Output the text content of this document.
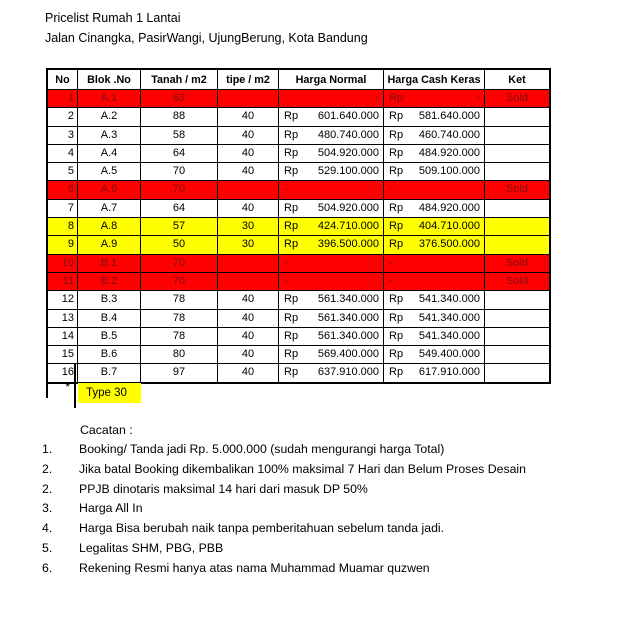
Pricelist Rumah 1 Lantai
Jalan Cinangka, PasirWangi, UjungBerung, Kota Bandung
No	Blok .No	Tanah / m2	tipe / m2	Harga Normal	Harga Cash Keras	Ket
1	A.1	63		-	Rp -	Sold
2	A.2	88	40	Rp 601.640.000	Rp 581.640.000	

3	A.3	58	40	Rp 480.740.000	Rp 460.740.000	

4	A.4	64	40	Rp 504.920.000	Rp 484.920.000	

5	A.5	70	40	Rp 529.100.000	Rp 509.100.000	

6	A.6	70		-	-	Sold
7	A.7	64	40	Rp 504.920.000	Rp 484.920.000	

8	A.8	57	30	Rp 424.710.000	Rp 404.710.000	

9	A.9	50	30	Rp 396.500.000	Rp 376.500.000	

10	B.1	70		-	-	Sold
11	B.2	70		-	-	Sold
12	B.3	78	40	Rp 561.340.000	Rp 541.340.000	

13	B.4	78	40	Rp 561.340.000	Rp 541.340.000	

14	B.5	78	40	Rp 561.340.000	Rp 541.340.000	

15	B.6	80	40	Rp 569.400.000	Rp 549.400.000	

16	B.7	97	40	Rp 637.910.000	Rp 617.910.000	

*	Type 30
Cacatan :
1. Booking/ Tanda jadi Rp. 5.000.000 (sudah mengurangi harga Total)
2. Jika batal Booking dikembalikan 100% maksimal 7 Hari dan Belum Proses Desain
2. PPJB dinotaris maksimal 14 hari dari masuk DP 50%
3. Harga All In
4. Harga Bisa berubah naik tanpa pemberitahuan sebelum tanda jadi.
5. Legalitas SHM, PBG, PBB
6. Rekening Resmi hanya atas nama Muhammad Muamar quzwen
